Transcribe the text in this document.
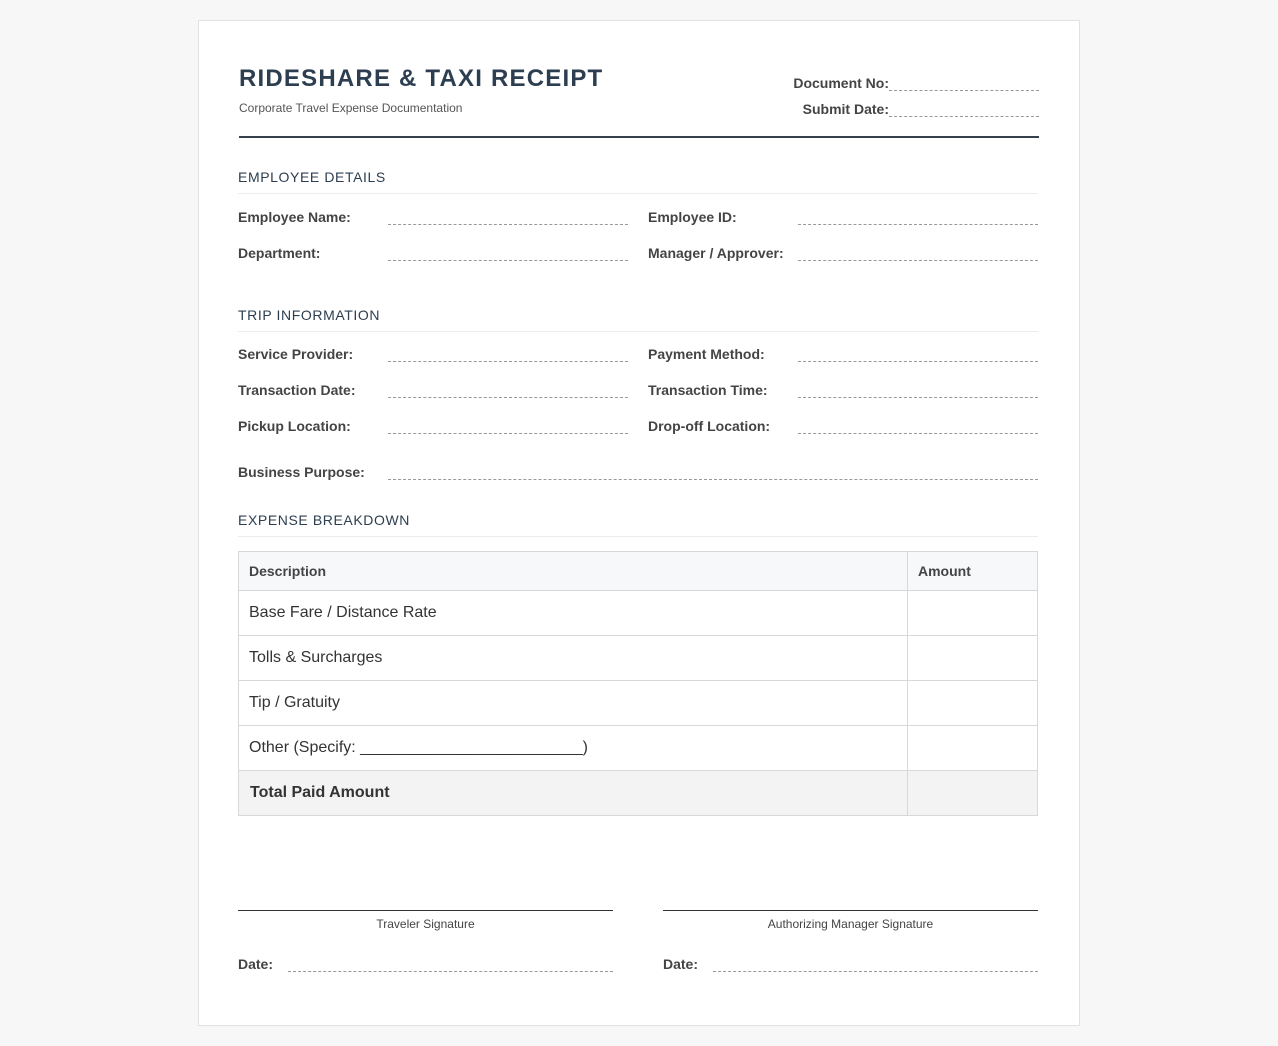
RIDESHARE & TAXI RECEIPT
Corporate Travel Expense Documentation
Document No:
Submit Date:
EMPLOYEE DETAILS
Employee Name:	Employee ID:
Department:	Manager / Approver:
TRIP INFORMATION
Service Provider:	Payment Method:
Transaction Date:	Transaction Time:
Pickup Location:	Drop-off Location:
Business Purpose:
EXPENSE BREAKDOWN
Description	Amount
Base Fare / Distance Rate	
Tolls & Surcharges	
Tip / Gratuity	
Other (Specify: _________________________)	
Total Paid Amount	
Traveler Signature	Authorizing Manager Signature
Date:	Date:
